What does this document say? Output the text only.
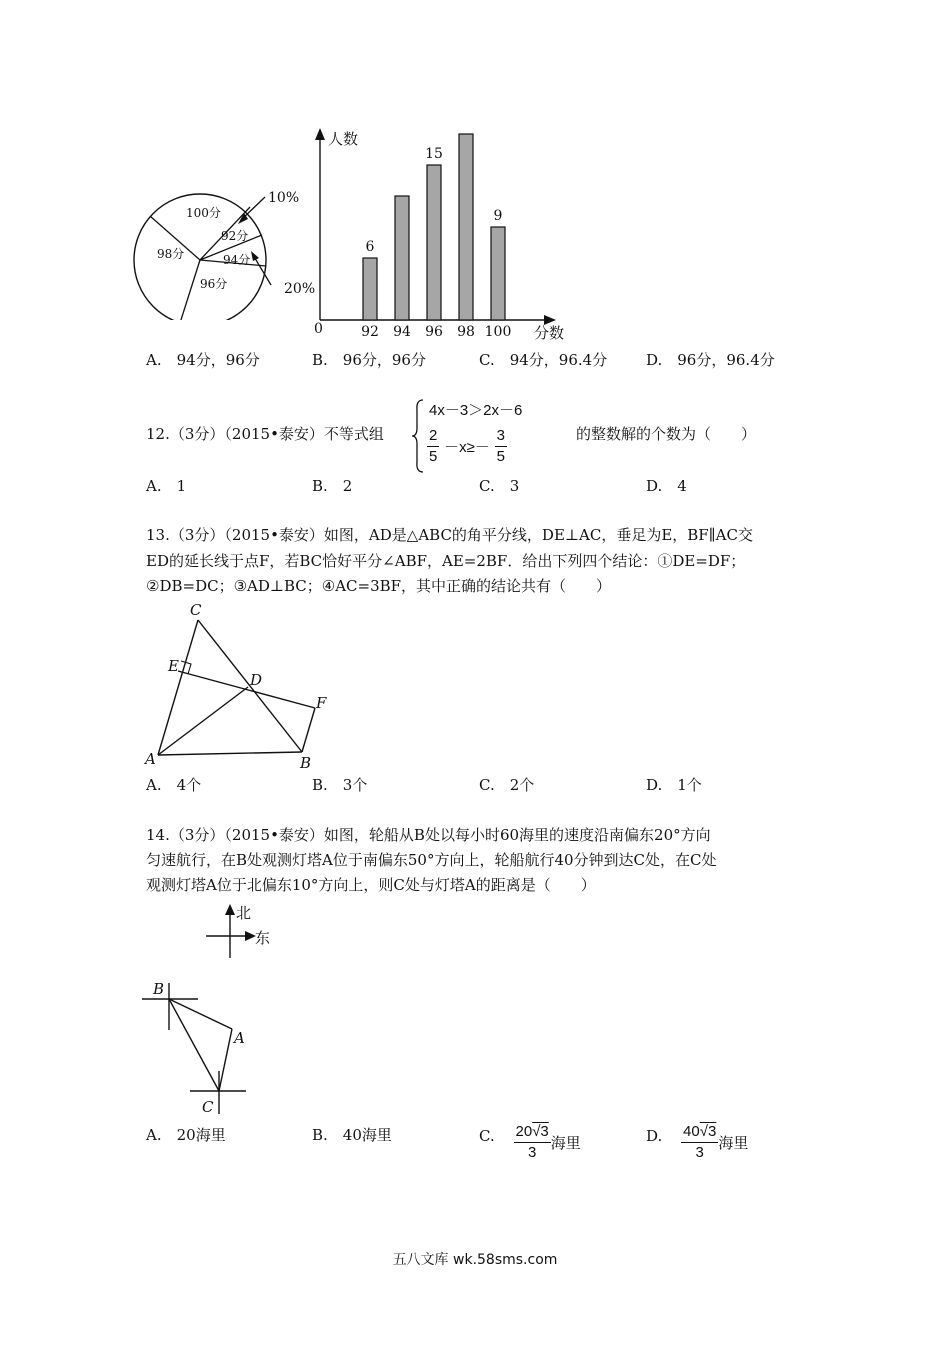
100分
92分
94分
96分
98分
10%
20%
人数
分数
0	92
6
94 96
15
98 100
9
A.　94分，96分	B.　96分，96分	C.　94分，96.4分	D.　96分，96.4分
12.（3分）（2015•泰安）不等式组
4x－3＞2x－6
$\frac{2}{5} -x\ge- \frac{3}{5}$	的整数解的个数为（　　）
A.　1	B.　2	C.　3	D.　4
13.（3分）（2015•泰安）如图，AD是△ABC的角平分线，DE⊥AC，垂足为E，BF∥AC交
ED的延长线于点F，若BC恰好平分∠ABF，AE=2BF．给出下列四个结论：①DE=DF；
②DB=DC；③AD⊥BC；④AC=3BF，其中正确的结论共有（　　）
C
E
D
F
A	B
A.　4个	B.　3个	C.　2个	D.　1个
14.（3分）（2015•泰安）如图，轮船从B处以每小时60海里的速度沿南偏东20°方向
匀速航行，在B处观测灯塔A位于南偏东50°方向上，轮船航行40分钟到达C处，在C处
观测灯塔A位于北偏东10°方向上，则C处与灯塔A的距离是（　　）
北
东
B
A
C
A.　20海里	B.　40海里	C. $\frac{20√3}{3}$ 海里	D. $\frac{40√3}{3}$ 海里
五八文库 wk.58sms.com
